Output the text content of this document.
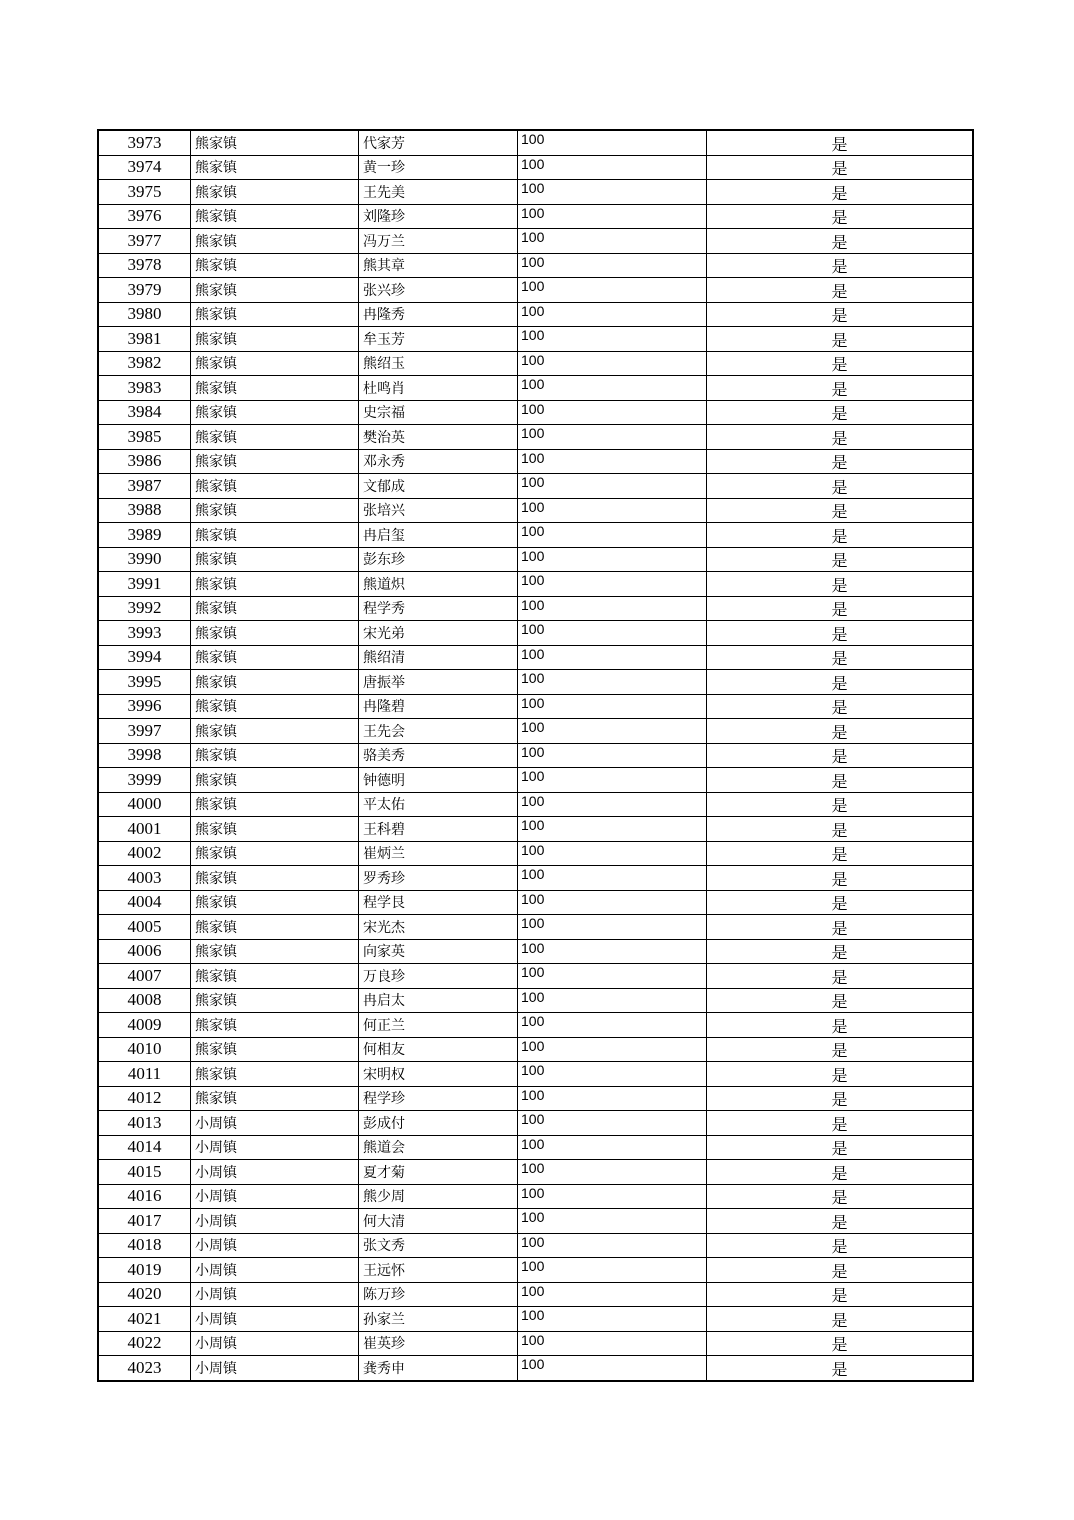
3973	熊家镇	代家芳	100	是
3974	熊家镇	黄一珍	100	是
3975	熊家镇	王先美	100	是
3976	熊家镇	刘隆珍	100	是
3977	熊家镇	冯万兰	100	是
3978	熊家镇	熊其章	100	是
3979	熊家镇	张兴珍	100	是
3980	熊家镇	冉隆秀	100	是
3981	熊家镇	牟玉芳	100	是
3982	熊家镇	熊绍玉	100	是
3983	熊家镇	杜鸣肖	100	是
3984	熊家镇	史宗福	100	是
3985	熊家镇	樊治英	100	是
3986	熊家镇	邓永秀	100	是
3987	熊家镇	文郁成	100	是
3988	熊家镇	张培兴	100	是
3989	熊家镇	冉启玺	100	是
3990	熊家镇	彭东珍	100	是
3991	熊家镇	熊道炽	100	是
3992	熊家镇	程学秀	100	是
3993	熊家镇	宋光弟	100	是
3994	熊家镇	熊绍清	100	是
3995	熊家镇	唐振举	100	是
3996	熊家镇	冉隆碧	100	是
3997	熊家镇	王先会	100	是
3998	熊家镇	骆美秀	100	是
3999	熊家镇	钟德明	100	是
4000	熊家镇	平太佑	100	是
4001	熊家镇	王科碧	100	是
4002	熊家镇	崔炳兰	100	是
4003	熊家镇	罗秀珍	100	是
4004	熊家镇	程学艮	100	是
4005	熊家镇	宋光杰	100	是
4006	熊家镇	向家英	100	是
4007	熊家镇	万良珍	100	是
4008	熊家镇	冉启太	100	是
4009	熊家镇	何正兰	100	是
4010	熊家镇	何相友	100	是
4011	熊家镇	宋明权	100	是
4012	熊家镇	程学珍	100	是
4013	小周镇	彭成付	100	是
4014	小周镇	熊道会	100	是
4015	小周镇	夏才菊	100	是
4016	小周镇	熊少周	100	是
4017	小周镇	何大清	100	是
4018	小周镇	张文秀	100	是
4019	小周镇	王远怀	100	是
4020	小周镇	陈万珍	100	是
4021	小周镇	孙家兰	100	是
4022	小周镇	崔英珍	100	是
4023	小周镇	龚秀申	100	是
